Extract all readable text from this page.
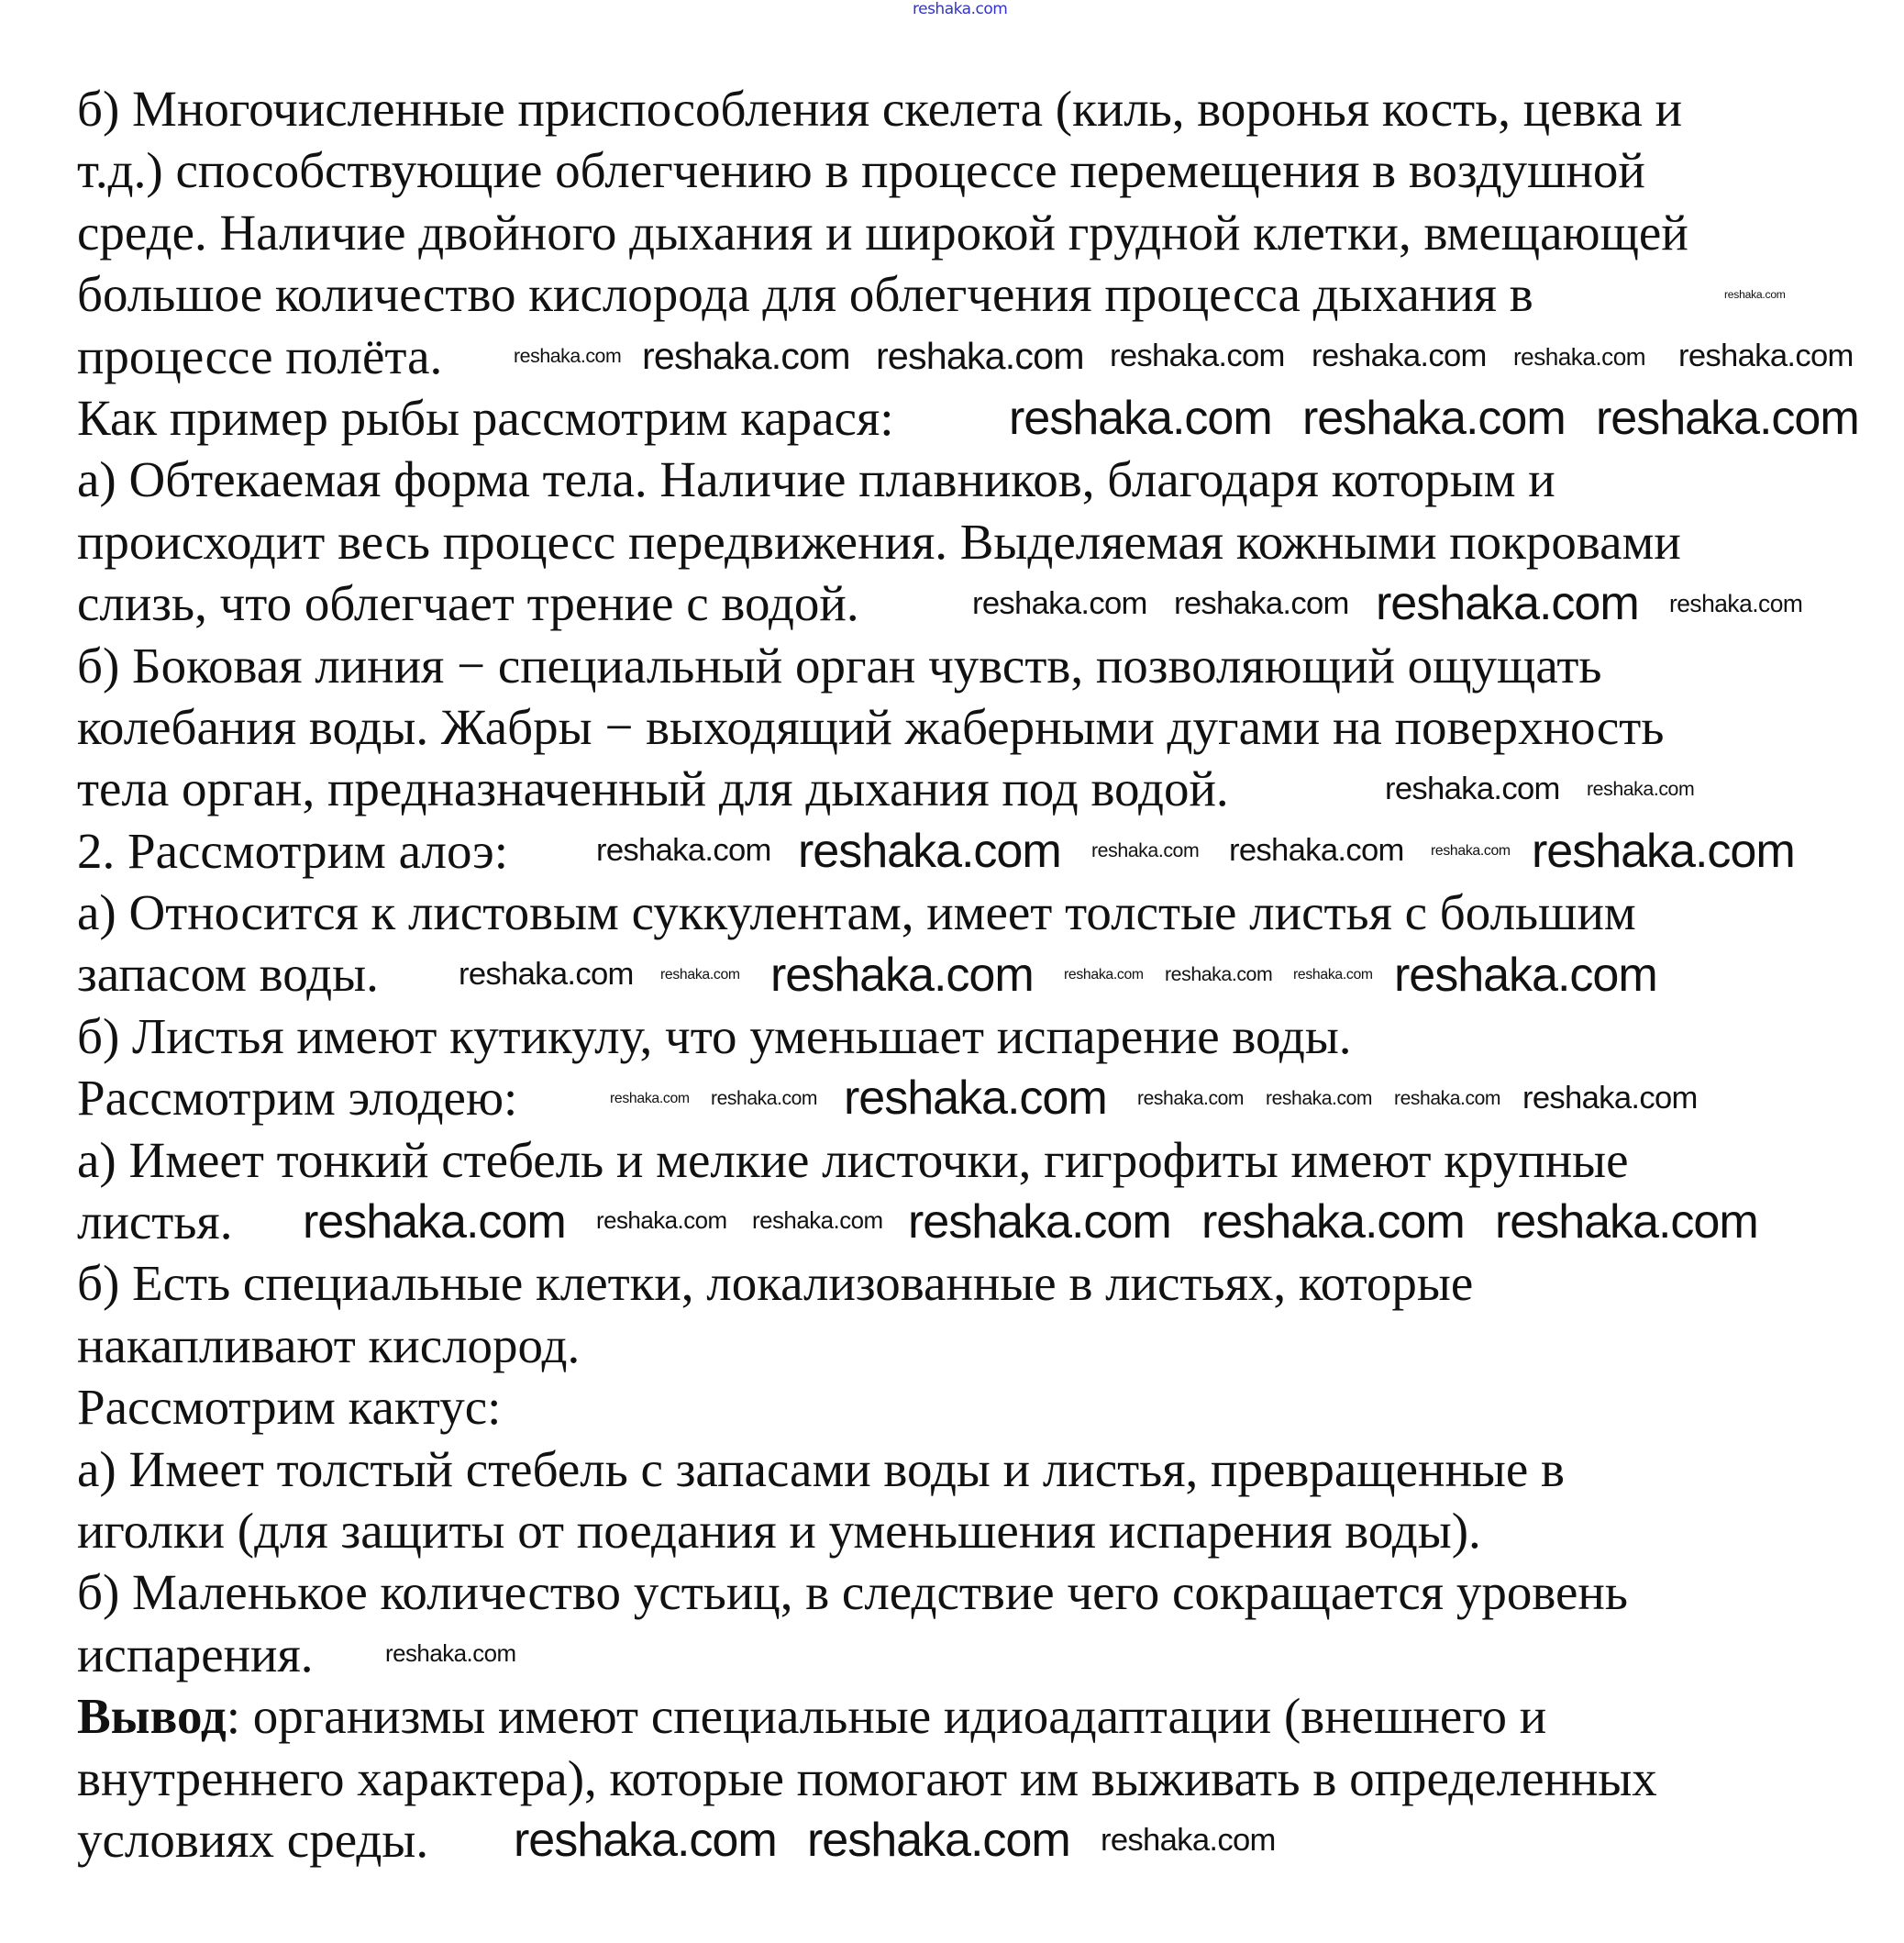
reshaka.com
б) Многочисленные приспособления скелета (киль, воронья кость, цевка и
т.д.) способствующие облегчению в процессе перемещения в воздушной
среде. Наличие двойного дыхания и широкой грудной клетки, вмещающей
большое количество кислорода для облегчения процесса дыхания в
процессе полёта.
Как пример рыбы рассмотрим карася:
а) Обтекаемая форма тела. Наличие плавников, благодаря которым и
происходит весь процесс передвижения. Выделяемая кожными покровами
слизь, что облегчает трение с водой.
б) Боковая линия − специальный орган чувств, позволяющий ощущать
колебания воды. Жабры − выходящий жаберными дугами на поверхность
тела орган, предназначенный для дыхания под водой.
2. Рассмотрим алоэ:
а) Относится к листовым суккулентам, имеет толстые листья с большим
запасом воды.
б) Листья имеют кутикулу, что уменьшает испарение воды.
Рассмотрим элодею:
а) Имеет тонкий стебель и мелкие листочки, гигрофиты имеют крупные
листья.
б) Есть специальные клетки, локализованные в листьях, которые
накапливают кислород.
Рассмотрим кактус:
а) Имеет толстый стебель с запасами воды и листья, превращенные в
иголки (для защиты от поедания и уменьшения испарения воды).
б) Маленькое количество устьиц, в следствие чего сокращается уровень
испарения.
Вывод: организмы имеют специальные идиоадаптации (внешнего и
внутреннего характера), которые помогают им выживать в определенных
условиях среды.
reshaka.com reshaka.com reshaka.com reshaka.com reshaka.com reshaka.com reshaka.com
reshaka.com reshaka.com reshaka.com
reshaka.com reshaka.com reshaka.com reshaka.com
reshaka.com
reshaka.com reshaka.com
reshaka.com reshaka.com reshaka.com reshaka.com reshaka.com reshaka.com
reshaka.com reshaka.com reshaka.com reshaka.com reshaka.com reshaka.com reshaka.com
reshaka.com reshaka.com reshaka.com reshaka.com reshaka.com reshaka.com reshaka.com
reshaka.com reshaka.com reshaka.com reshaka.com reshaka.com reshaka.com
reshaka.com
reshaka.com reshaka.com reshaka.com
